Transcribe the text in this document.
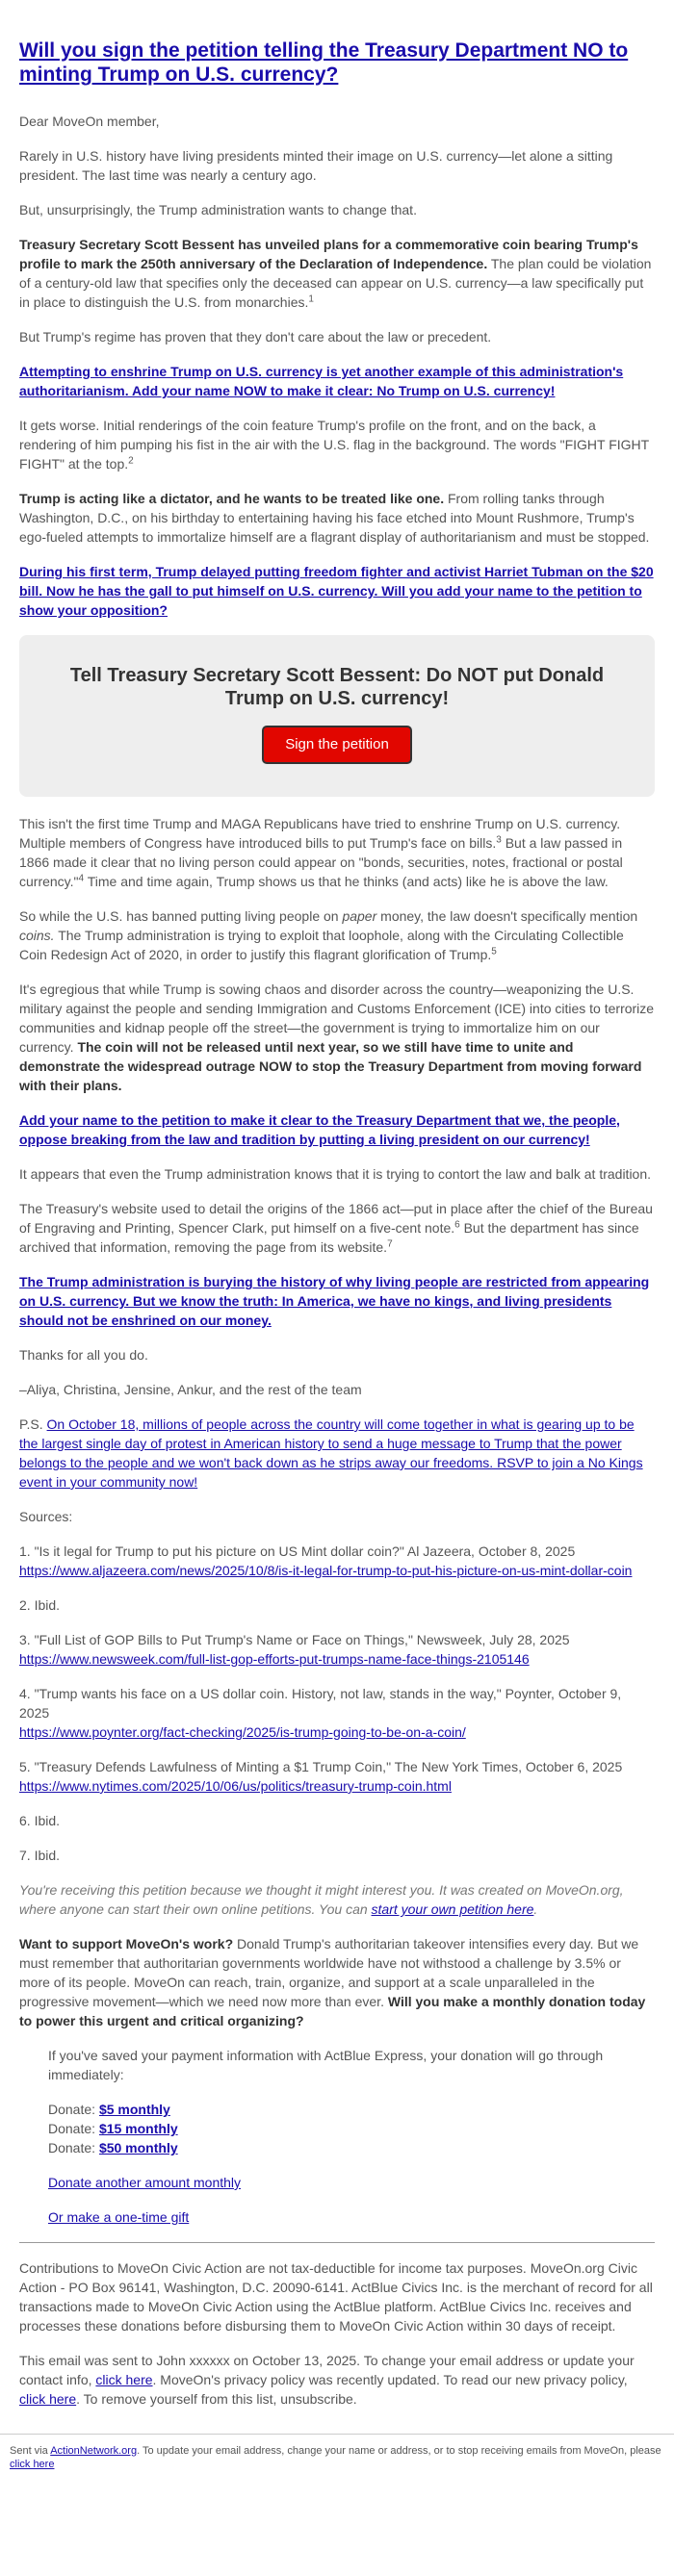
Will you sign the petition telling the Treasury Department NO to minting Trump on U.S. currency?

Dear MoveOn member,

Rarely in U.S. history have living presidents minted their image on U.S. currency—let alone a sitting president. The last time was nearly a century ago.

But, unsurprisingly, the Trump administration wants to change that.

Treasury Secretary Scott Bessent has unveiled plans for a commemorative coin bearing Trump's profile to mark the 250th anniversary of the Declaration of Independence. The plan could be violation of a century-old law that specifies only the deceased can appear on U.S. currency—a law specifically put in place to distinguish the U.S. from monarchies.$^1$

But Trump's regime has proven that they don't care about the law or precedent.

Attempting to enshrine Trump on U.S. currency is yet another example of this administration's authoritarianism. Add your name NOW to make it clear: No Trump on U.S. currency!

It gets worse. Initial renderings of the coin feature Trump's profile on the front, and on the back, a rendering of him pumping his fist in the air with the U.S. flag in the background. The words "FIGHT FIGHT FIGHT" at the top.$^2$

Trump is acting like a dictator, and he wants to be treated like one. From rolling tanks through Washington, D.C., on his birthday to entertaining having his face etched into Mount Rushmore, Trump's ego-fueled attempts to immortalize himself are a flagrant display of authoritarianism and must be stopped.

During his first term, Trump delayed putting freedom fighter and activist Harriet Tubman on the $20 bill. Now he has the gall to put himself on U.S. currency. Will you add your name to the petition to show your opposition?

Tell Treasury Secretary Scott Bessent: Do NOT put Donald Trump on U.S. currency!
Sign the petition

This isn't the first time Trump and MAGA Republicans have tried to enshrine Trump on U.S. currency. Multiple members of Congress have introduced bills to put Trump's face on bills.$^3$ But a law passed in 1866 made it clear that no living person could appear on "bonds, securities, notes, fractional or postal currency."$^4$ Time and time again, Trump shows us that he thinks (and acts) like he is above the law.

So while the U.S. has banned putting living people on paper money, the law doesn't specifically mention coins. The Trump administration is trying to exploit that loophole, along with the Circulating Collectible Coin Redesign Act of 2020, in order to justify this flagrant glorification of Trump.$^5$

It's egregious that while Trump is sowing chaos and disorder across the country—weaponizing the U.S. military against the people and sending Immigration and Customs Enforcement (ICE) into cities to terrorize communities and kidnap people off the street—the government is trying to immortalize him on our currency. The coin will not be released until next year, so we still have time to unite and demonstrate the widespread outrage NOW to stop the Treasury Department from moving forward with their plans.

Add your name to the petition to make it clear to the Treasury Department that we, the people, oppose breaking from the law and tradition by putting a living president on our currency!

It appears that even the Trump administration knows that it is trying to contort the law and balk at tradition.

The Treasury's website used to detail the origins of the 1866 act—put in place after the chief of the Bureau of Engraving and Printing, Spencer Clark, put himself on a five-cent note.$^6$ But the department has since archived that information, removing the page from its website.$^7$

The Trump administration is burying the history of why living people are restricted from appearing on U.S. currency. But we know the truth: In America, we have no kings, and living presidents should not be enshrined on our money.

Thanks for all you do.

–Aliya, Christina, Jensine, Ankur, and the rest of the team

P.S. On October 18, millions of people across the country will come together in what is gearing up to be the largest single day of protest in American history to send a huge message to Trump that the power belongs to the people and we won't back down as he strips away our freedoms. RSVP to join a No Kings event in your community now!

Sources:

1. "Is it legal for Trump to put his picture on US Mint dollar coin?" Al Jazeera, October 8, 2025
https://www.aljazeera.com/news/2025/10/8/is-it-legal-for-trump-to-put-his-picture-on-us-mint-dollar-coin
2. Ibid.
3. "Full List of GOP Bills to Put Trump's Name or Face on Things," Newsweek, July 28, 2025
https://www.newsweek.com/full-list-gop-efforts-put-trumps-name-face-things-2105146
4. "Trump wants his face on a US dollar coin. History, not law, stands in the way," Poynter, October 9, 2025
https://www.poynter.org/fact-checking/2025/is-trump-going-to-be-on-a-coin/
5. "Treasury Defends Lawfulness of Minting a $1 Trump Coin," The New York Times, October 6, 2025
https://www.nytimes.com/2025/10/06/us/politics/treasury-trump-coin.html
6. Ibid.
7. Ibid.

You're receiving this petition because we thought it might interest you. It was created on MoveOn.org, where anyone can start their own online petitions. You can start your own petition here.

Want to support MoveOn's work? Donald Trump's authoritarian takeover intensifies every day. But we must remember that authoritarian governments worldwide have not withstood a challenge by 3.5% or more of its people. MoveOn can reach, train, organize, and support at a scale unparalleled in the progressive movement—which we need now more than ever. Will you make a monthly donation today to power this urgent and critical organizing?

If you've saved your payment information with ActBlue Express, your donation will go through immediately:

Donate: $5 monthly
Donate: $15 monthly
Donate: $50 monthly

Donate another amount monthly

Or make a one-time gift

Contributions to MoveOn Civic Action are not tax-deductible for income tax purposes. MoveOn.org Civic Action - PO Box 96141, Washington, D.C. 20090-6141. ActBlue Civics Inc. is the merchant of record for all transactions made to MoveOn Civic Action using the ActBlue platform. ActBlue Civics Inc. receives and processes these donations before disbursing them to MoveOn Civic Action within 30 days of receipt.

This email was sent to John xxxxxx on October 13, 2025. To change your email address or update your contact info, click here. MoveOn's privacy policy was recently updated. To read our new privacy policy, click here. To remove yourself from this list, unsubscribe.

Sent via ActionNetwork.org. To update your email address, change your name or address, or to stop receiving emails from MoveOn, please click here
